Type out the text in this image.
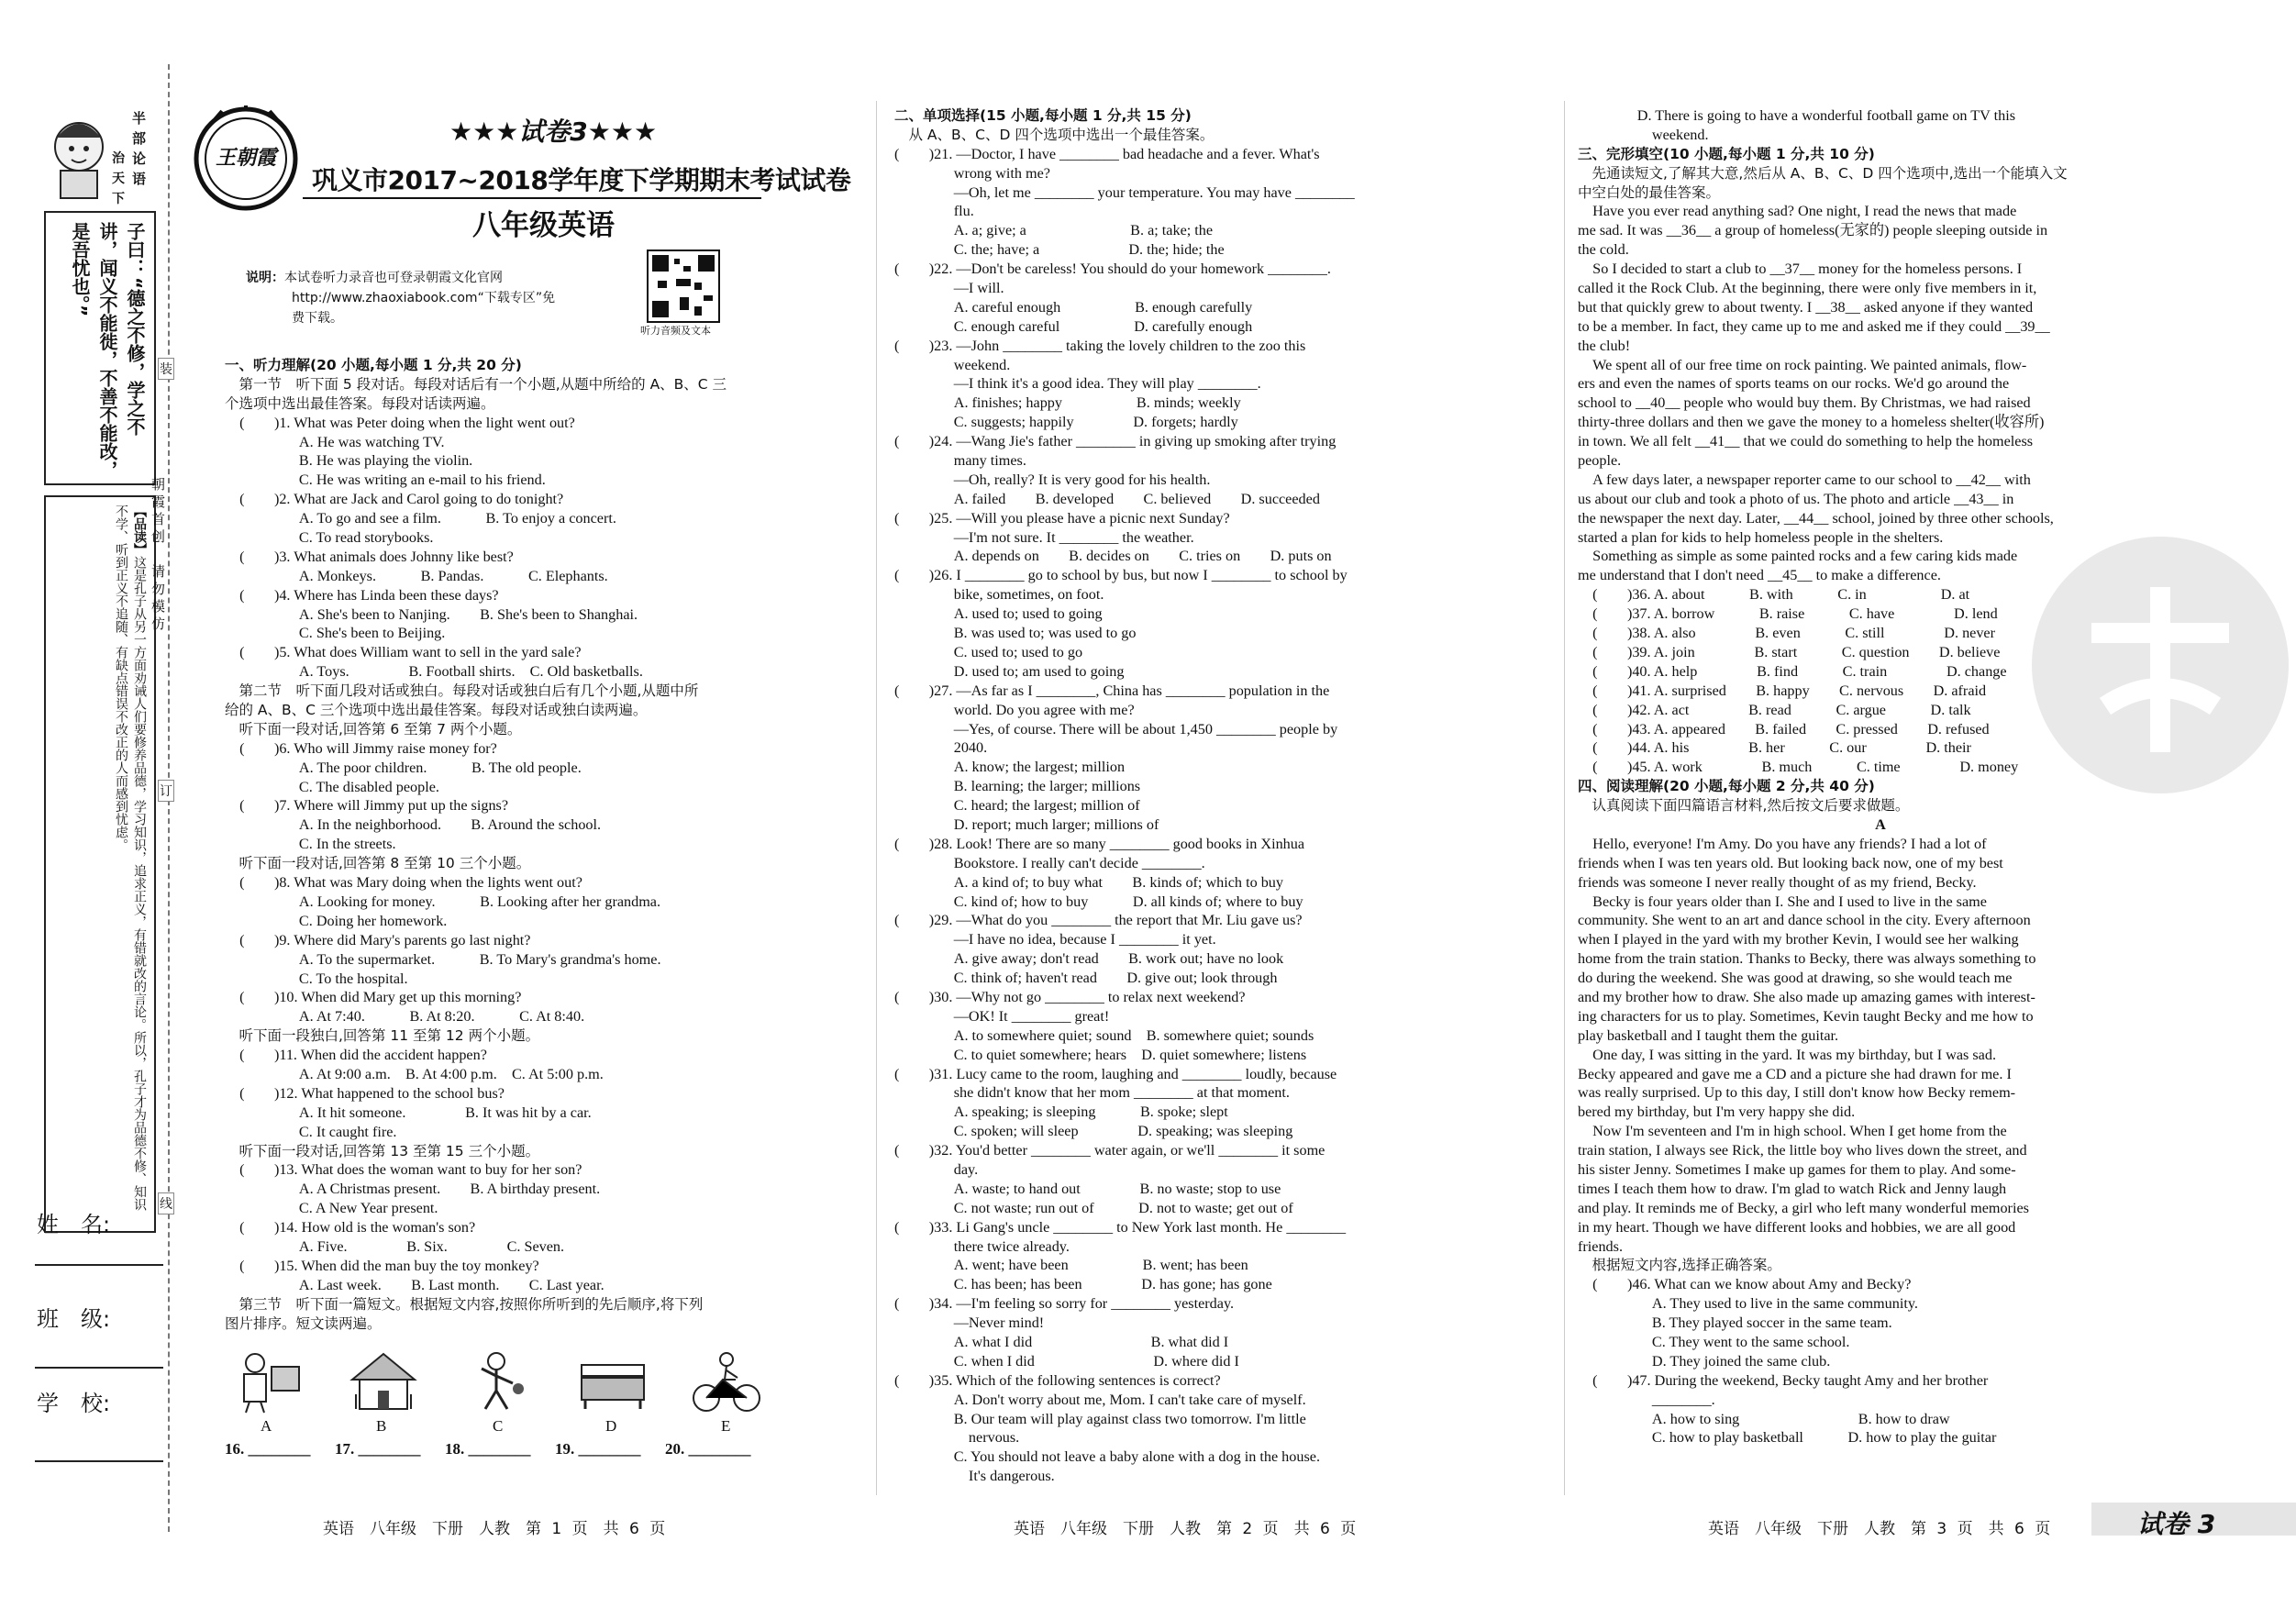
半
部
论
语
治
天
下
子曰：“德之不修，学之不
讲，闻义不能徙，不善不能改，
是吾忧也。”
【品读】这是孔子从另一方面劝诫人们要修养品德，学习知识，追求正义，有错就改的言论。所以，孔子才为品德不修、知识不学、听到正义不追随、有缺点错误不改正的人而感到忧虑。
姓　名:
班　级:
学　校:
装
订
线
朝霞首创　请勿模仿
王朝霞
★★★试卷3★★★
巩义市2017~2018学年度下学期期末考试试卷
八年级英语
说明：本试卷听力录音也可登录朝霞文化官网
http://www.zhaoxiabook.com“下载专区”免
费下载。
听力音频及文本
一、听力理解(20 小题,每小题 1 分,共 20 分)
　第一节　听下面 5 段对话。每段对话后有一个小题,从题中所给的 A、B、C 三
个选项中选出最佳答案。每段对话读两遍。
　(　　)1. What was Peter doing when the light went out?
　　　　　A. He was watching TV.
　　　　　B. He was playing the violin.
　　　　　C. He was writing an e-mail to his friend.
　(　　)2. What are Jack and Carol going to do tonight?
　　　　　A. To go and see a film.　　　B. To enjoy a concert.
　　　　　C. To read storybooks.
　(　　)3. What animals does Johnny like best?
　　　　　A. Monkeys.　　　B. Pandas.　　　C. Elephants.
　(　　)4. Where has Linda been these days?
　　　　　A. She's been to Nanjing.　　B. She's been to Shanghai.
　　　　　C. She's been to Beijing.
　(　　)5. What does William want to sell in the yard sale?
　　　　　A. Toys.　　　　B. Football shirts.　C. Old basketballs.
　第二节　听下面几段对话或独白。每段对话或独白后有几个小题,从题中所
给的 A、B、C 三个选项中选出最佳答案。每段对话或独白读两遍。
　听下面一段对话,回答第 6 至第 7 两个小题。
　(　　)6. Who will Jimmy raise money for?
　　　　　A. The poor children.　　　B. The old people.
　　　　　C. The disabled people.
　(　　)7. Where will Jimmy put up the signs?
　　　　　A. In the neighborhood.　　B. Around the school.
　　　　　C. In the streets.
　听下面一段对话,回答第 8 至第 10 三个小题。
　(　　)8. What was Mary doing when the lights went out?
　　　　　A. Looking for money.　　　B. Looking after her grandma.
　　　　　C. Doing her homework.
　(　　)9. Where did Mary's parents go last night?
　　　　　A. To the supermarket.　　　B. To Mary's grandma's home.
　　　　　C. To the hospital.
　(　　)10. When did Mary get up this morning?
　　　　　A. At 7:40.　　　B. At 8:20.　　　C. At 8:40.
　听下面一段独白,回答第 11 至第 12 两个小题。
　(　　)11. When did the accident happen?
　　　　　A. At 9:00 a.m.　B. At 4:00 p.m.　C. At 5:00 p.m.
　(　　)12. What happened to the school bus?
　　　　　A. It hit someone.　　　　B. It was hit by a car.
　　　　　C. It caught fire.
　听下面一段对话,回答第 13 至第 15 三个小题。
　(　　)13. What does the woman want to buy for her son?
　　　　　A. A Christmas present.　　B. A birthday present.
　　　　　C. A New Year present.
　(　　)14. How old is the woman's son?
　　　　　A. Five.　　　　B. Six.　　　　C. Seven.
　(　　)15. When did the man buy the toy monkey?
　　　　　A. Last week.　　B. Last month.　　C. Last year.
　第三节　听下面一篇短文。根据短文内容,按照你所听到的先后顺序,将下列
图片排序。短文读两遍。
二、单项选择(15 小题,每小题 1 分,共 15 分)
　从 A、B、C、D 四个选项中选出一个最佳答案。
(　　)21. —Doctor, I have ________ bad headache and a fever. What's
　　　　wrong with me?
　　　　—Oh, let me ________ your temperature. You may have ________
　　　　flu.
　　　　A. a; give; a　　　　　　　B. a; take; the
　　　　C. the; have; a　　　　　　D. the; hide; the
(　　)22. —Don't be careless! You should do your homework ________.
　　　　—I will.
　　　　A. careful enough　　　　　B. enough carefully
　　　　C. enough careful　　　　　D. carefully enough
(　　)23. —John ________ taking the lovely children to the zoo this
　　　　weekend.
　　　　—I think it's a good idea. They will play ________.
　　　　A. finishes; happy　　　　　B. minds; weekly
　　　　C. suggests; happily　　　　D. forgets; hardly
(　　)24. —Wang Jie's father ________ in giving up smoking after trying
　　　　many times.
　　　　—Oh, really? It is very good for his health.
　　　　A. failed　　B. developed　　C. believed　　D. succeeded
(　　)25. —Will you please have a picnic next Sunday?
　　　　—I'm not sure. It ________ the weather.
　　　　A. depends on　　B. decides on　　C. tries on　　D. puts on
(　　)26. I ________ go to school by bus, but now I ________ to school by
　　　　bike, sometimes, on foot.
　　　　A. used to; used to going
　　　　B. was used to; was used to go
　　　　C. used to; used to go
　　　　D. used to; am used to going
(　　)27. —As far as I ________, China has ________ population in the
　　　　world. Do you agree with me?
　　　　—Yes, of course. There will be about 1,450 ________ people by
　　　　2040.
　　　　A. know; the largest; million
　　　　B. learning; the larger; millions
　　　　C. heard; the largest; million of
　　　　D. report; much larger; millions of
(　　)28. Look! There are so many ________ good books in Xinhua
　　　　Bookstore. I really can't decide ________.
　　　　A. a kind of; to buy what　　B. kinds of; which to buy
　　　　C. kind of; how to buy　　　D. all kinds of; where to buy
(　　)29. —What do you ________ the report that Mr. Liu gave us?
　　　　—I have no idea, because I ________ it yet.
　　　　A. give away; don't read　　B. work out; have no look
　　　　C. think of; haven't read　　D. give out; look through
(　　)30. —Why not go ________ to relax next weekend?
　　　　—OK! It ________ great!
　　　　A. to somewhere quiet; sound　B. somewhere quiet; sounds
　　　　C. to quiet somewhere; hears　D. quiet somewhere; listens
(　　)31. Lucy came to the room, laughing and ________ loudly, because
　　　　she didn't know that her mom ________ at that moment.
　　　　A. speaking; is sleeping　　　B. spoke; slept
　　　　C. spoken; will sleep　　　　D. speaking; was sleeping
(　　)32. You'd better ________ water again, or we'll ________ it some
　　　　day.
　　　　A. waste; to hand out　　　　B. no waste; stop to use
　　　　C. not waste; run out of　　　D. not to waste; get out of
(　　)33. Li Gang's uncle ________ to New York last month. He ________
　　　　there twice already.
　　　　A. went; have been　　　　　B. went; has been
　　　　C. has been; has been　　　　D. has gone; has gone
(　　)34. —I'm feeling so sorry for ________ yesterday.
　　　　—Never mind!
　　　　A. what I did　　　　　　　　B. what did I
　　　　C. when I did　　　　　　　　D. where did I
(　　)35. Which of the following sentences is correct?
　　　　A. Don't worry about me, Mom. I can't take care of myself.
　　　　B. Our team will play against class two tomorrow. I'm little
　　　　　nervous.
　　　　C. You should not leave a baby alone with a dog in the house.
　　　　　It's dangerous.
　　　　D. There is going to have a wonderful football game on TV this
　　　　　weekend.
三、完形填空(10 小题,每小题 1 分,共 10 分)
　先通读短文,了解其大意,然后从 A、B、C、D 四个选项中,选出一个能填入文
中空白处的最佳答案。
　Have you ever read anything sad? One night, I read the news that made
me sad. It was __36__ a group of homeless(无家的) people sleeping outside in
the cold.
　So I decided to start a club to __37__ money for the homeless persons. I
called it the Rock Club. At the beginning, there were only five members in it,
but that quickly grew to about twenty. I __38__ asked anyone if they wanted
to be a member. In fact, they came up to me and asked me if they could __39__
the club!
　We spent all of our free time on rock painting. We painted animals, flow-
ers and even the names of sports teams on our rocks. We'd go around the
school to __40__ people who would buy them. By Christmas, we had raised
thirty-three dollars and then we gave the money to a homeless shelter(收容所)
in town. We all felt __41__ that we could do something to help the homeless
people.
　A few days later, a newspaper reporter came to our school to __42__ with
us about our club and took a photo of us. The photo and article __43__ in
the newspaper the next day. Later, __44__ school, joined by three other schools,
started a plan for kids to help homeless people in the shelters.
　Something as simple as some painted rocks and a few caring kids made
me understand that I don't need __45__ to make a difference.
　(　　)36. A. about　　　B. with　　　C. in　　　　　D. at
　(　　)37. A. borrow　　　B. raise　　　C. have　　　　D. lend
　(　　)38. A. also　　　　B. even　　　C. still　　　　D. never
　(　　)39. A. join　　　　B. start　　　C. question　　D. believe
　(　　)40. A. help　　　　B. find　　　C. train　　　　D. change
　(　　)41. A. surprised　　B. happy　　C. nervous　　D. afraid
　(　　)42. A. act　　　　B. read　　　C. argue　　　D. talk
　(　　)43. A. appeared　　B. failed　　C. pressed　　D. refused
　(　　)44. A. his　　　　B. her　　　C. our　　　　D. their
　(　　)45. A. work　　　　B. much　　　C. time　　　　D. money
四、阅读理解(20 小题,每小题 2 分,共 40 分)
　认真阅读下面四篇语言材料,然后按文后要求做题。
A
　Hello, everyone! I'm Amy. Do you have any friends? I had a lot of
friends when I was ten years old. But looking back now, one of my best
friends was someone I never really thought of as my friend, Becky.
　Becky is four years older than I. She and I used to live in the same
community. She went to an art and dance school in the city. Every afternoon
when I played in the yard with my brother Kevin, I would see her walking
home from the train station. Thanks to Becky, there was always something to
do during the weekend. She was good at drawing, so she would teach me
and my brother how to draw. She also made up amazing games with interest-
ing characters for us to play. Sometimes, Kevin taught Becky and me how to
play basketball and I taught them the guitar.
　One day, I was sitting in the yard. It was my birthday, but I was sad.
Becky appeared and gave me a CD and a picture she had drawn for me. I
was really surprised. Up to this day, I still don't know how Becky remem-
bered my birthday, but I'm very happy she did.
　Now I'm seventeen and I'm in high school. When I get home from the
train station, I always see Rick, the little boy who lives down the street, and
his sister Jenny. Sometimes I make up games for them to play. And some-
times I teach them how to draw. I'm glad to watch Rick and Jenny laugh
and play. It reminds me of Becky, a girl who left many wonderful memories
in my heart. Though we have different looks and hobbies, we are all good
friends.
　根据短文内容,选择正确答案。
　(　　)46. What can we know about Amy and Becky?
　　　　　A. They used to live in the same community.
　　　　　B. They played soccer in the same team.
　　　　　C. They went to the same school.
　　　　　D. They joined the same club.
　(　　)47. During the weekend, Becky taught Amy and her brother
　　　　　________.
　　　　　A. how to sing　　　　　　　　B. how to draw
　　　　　C. how to play basketball　　　D. how to play the guitar
A	B	C	D	E
16. ________ 17. ________ 18. ________ 19. ________ 20. ________
英语　八年级　下册　人教　第 1 页　共 6 页	英语　八年级　下册　人教　第 2 页　共 6 页	英语　八年级　下册　人教　第 3 页　共 6 页	试卷 3
